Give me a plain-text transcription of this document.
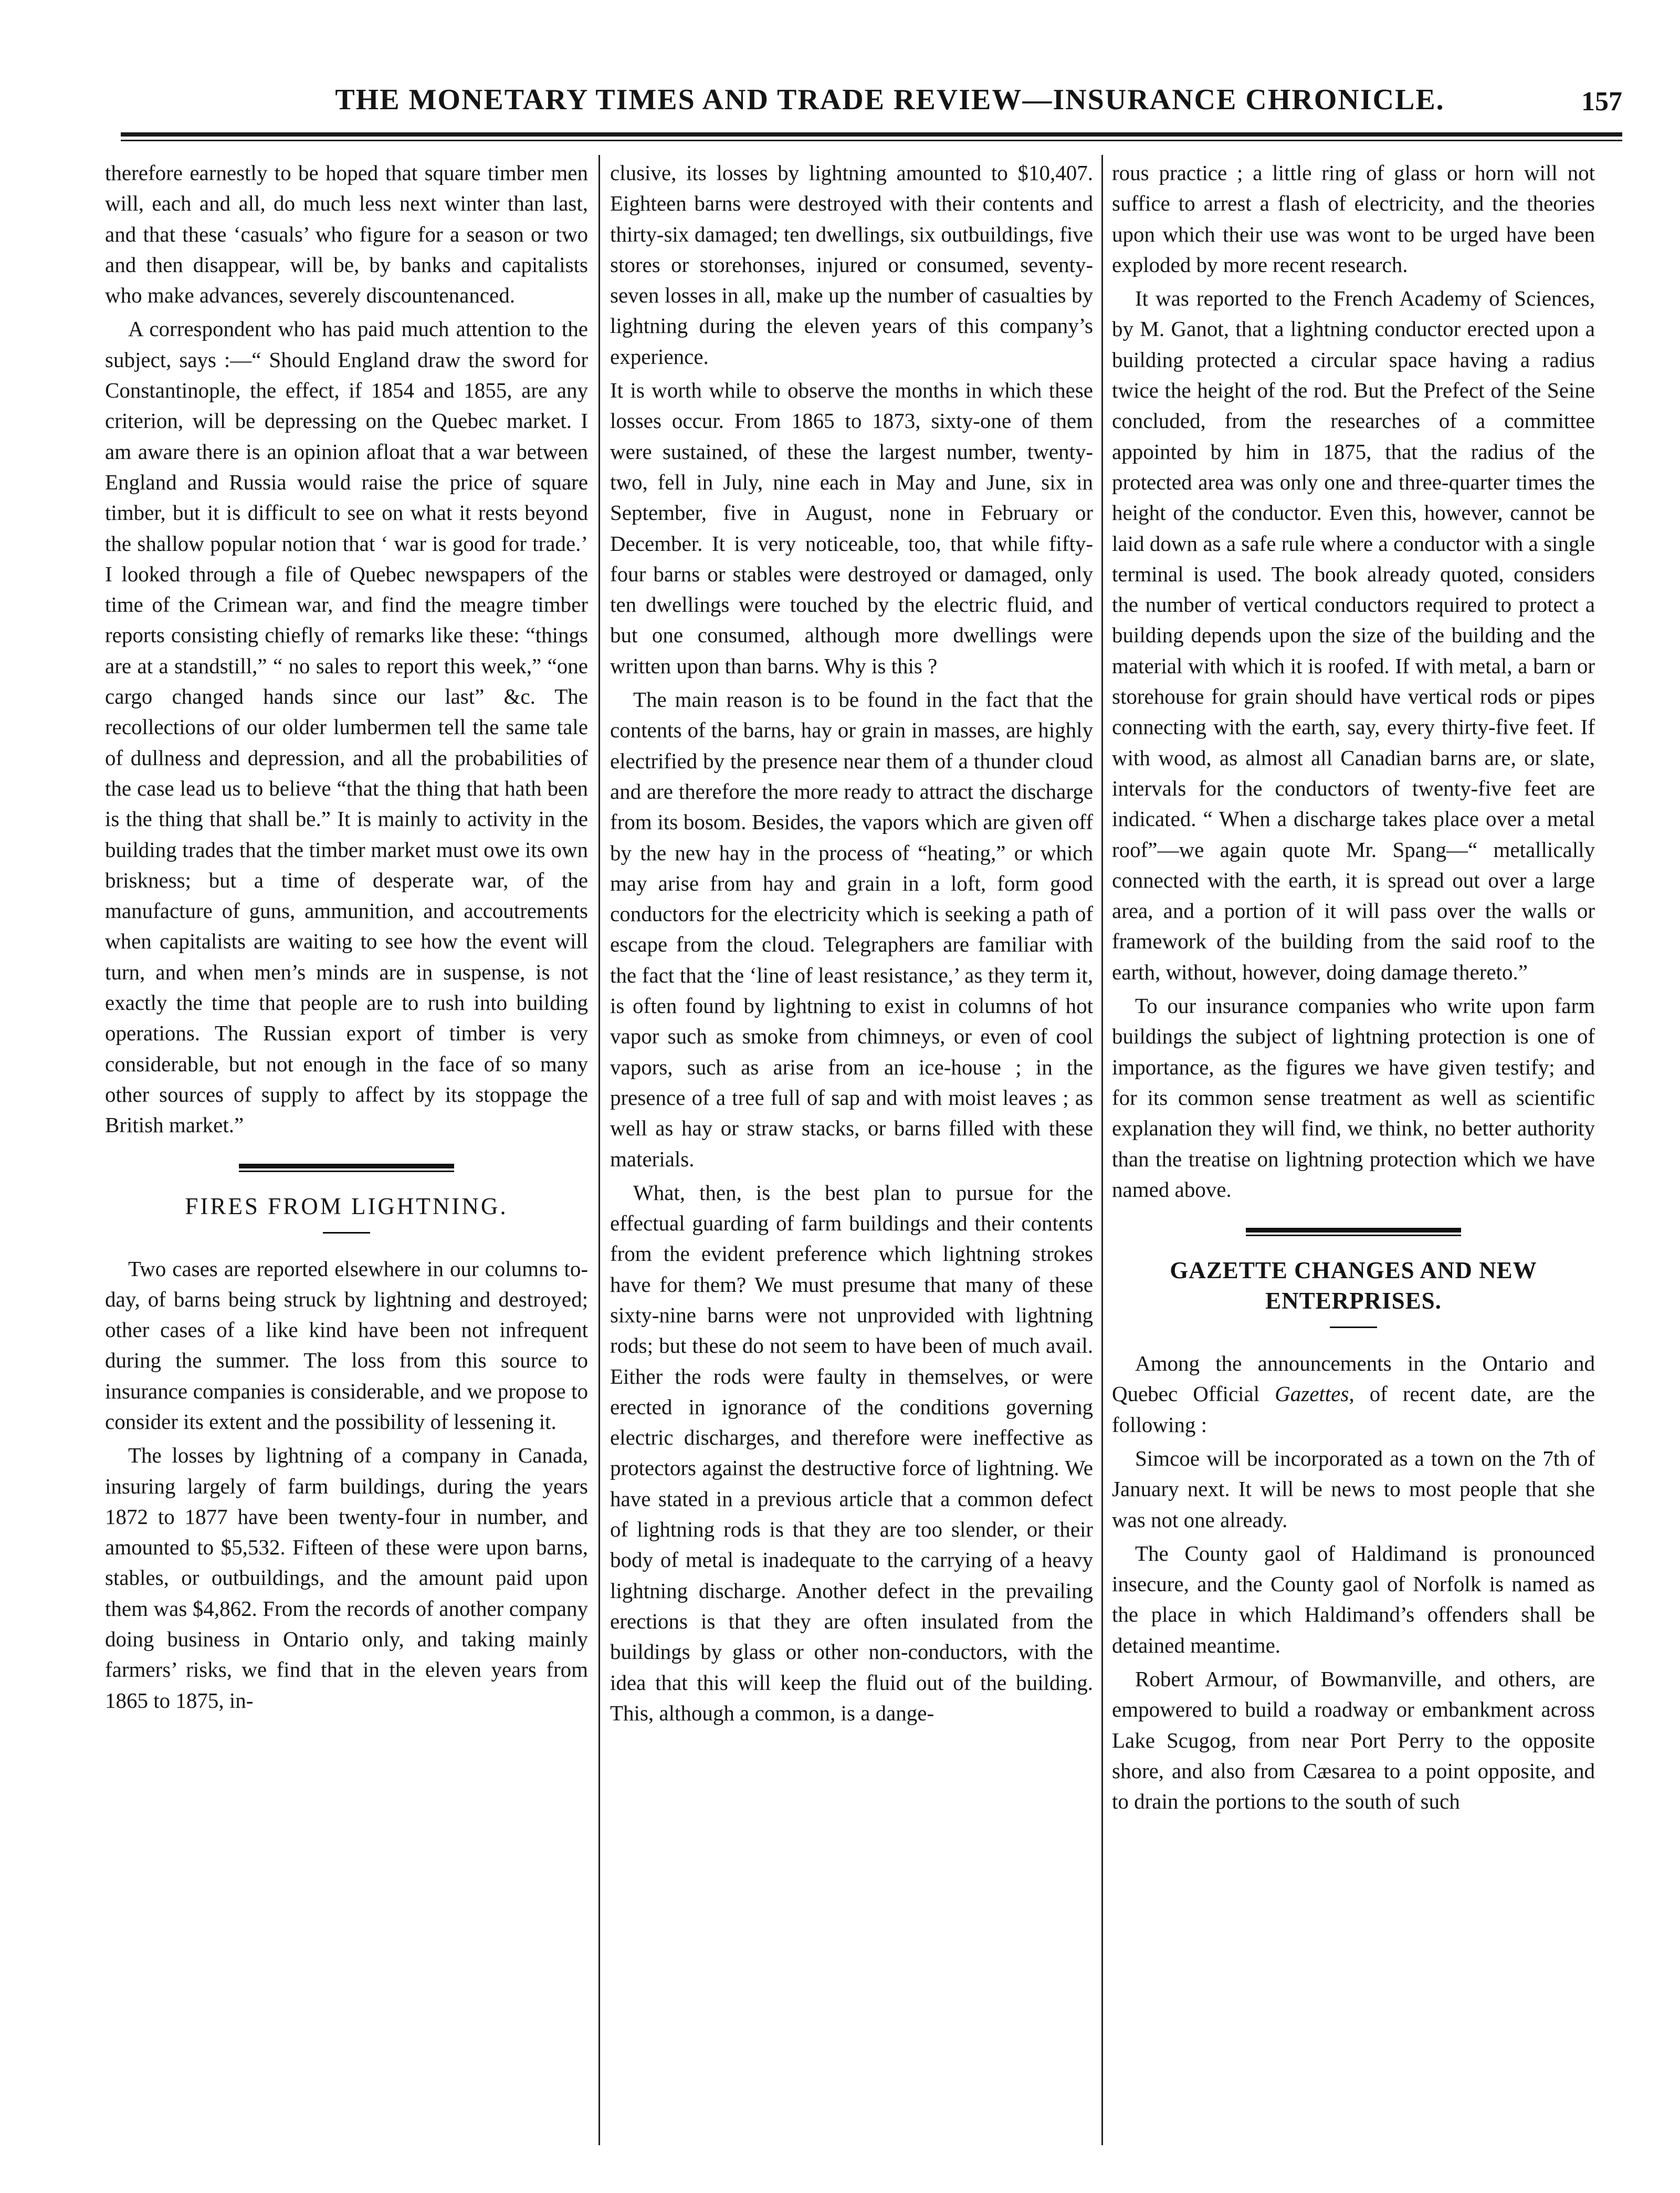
THE MONETARY TIMES AND TRADE REVIEW—INSURANCE CHRONICLE.	157

therefore earnestly to be hoped that square timber men will, each and all, do much less next winter than last, and that these ‘casuals’ who figure for a season or two and then disappear, will be, by banks and capitalists who make advances, severely discountenanced.

A correspondent who has paid much attention to the subject, says :—“ Should England draw the sword for Constantinople, the effect, if 1854 and 1855, are any criterion, will be depressing on the Quebec market. I am aware there is an opinion afloat that a war between England and Russia would raise the price of square timber, but it is difficult to see on what it rests beyond the shallow popular notion that ‘ war is good for trade.’ I looked through a file of Quebec newspapers of the time of the Crimean war, and find the meagre timber reports consisting chiefly of remarks like these: “things are at a standstill,” “ no sales to report this week,” “one cargo changed hands since our last” &c. The recollections of our older lumbermen tell the same tale of dullness and depression, and all the probabilities of the case lead us to believe “that the thing that hath been is the thing that shall be.” It is mainly to activity in the building trades that the timber market must owe its own briskness; but a time of desperate war, of the manufacture of guns, ammunition, and accoutrements when capitalists are waiting to see how the event will turn, and when men’s minds are in suspense, is not exactly the time that people are to rush into building operations. The Russian export of timber is very considerable, but not enough in the face of so many other sources of supply to affect by its stoppage the British market.”

FIRES FROM LIGHTNING.

Two cases are reported elsewhere in our columns to-day, of barns being struck by lightning and destroyed; other cases of a like kind have been not infrequent during the summer. The loss from this source to insurance companies is considerable, and we propose to consider its extent and the possibility of lessening it.

The losses by lightning of a company in Canada, insuring largely of farm buildings, during the years 1872 to 1877 have been twenty-four in number, and amounted to $5,532. Fifteen of these were upon barns, stables, or outbuildings, and the amount paid upon them was $4,862. From the records of another company doing business in Ontario only, and taking mainly farmers’ risks, we find that in the eleven years from 1865 to 1875, in-

clusive, its losses by lightning amounted to $10,407. Eighteen barns were destroyed with their contents and thirty-six damaged; ten dwellings, six outbuildings, five stores or storehonses, injured or consumed, seventy-seven losses in all, make up the number of casualties by lightning during the eleven years of this company’s experience.

It is worth while to observe the months in which these losses occur. From 1865 to 1873, sixty-one of them were sustained, of these the largest number, twenty-two, fell in July, nine each in May and June, six in September, five in August, none in February or December. It is very noticeable, too, that while fifty-four barns or stables were destroyed or damaged, only ten dwellings were touched by the electric fluid, and but one consumed, although more dwellings were written upon than barns. Why is this ?

The main reason is to be found in the fact that the contents of the barns, hay or grain in masses, are highly electrified by the presence near them of a thunder cloud and are therefore the more ready to attract the discharge from its bosom. Besides, the vapors which are given off by the new hay in the process of “heating,” or which may arise from hay and grain in a loft, form good conductors for the electricity which is seeking a path of escape from the cloud. Telegraphers are familiar with the fact that the ‘line of least resistance,’ as they term it, is often found by lightning to exist in columns of hot vapor such as smoke from chimneys, or even of cool vapors, such as arise from an ice-house ; in the presence of a tree full of sap and with moist leaves ; as well as hay or straw stacks, or barns filled with these materials.

What, then, is the best plan to pursue for the effectual guarding of farm buildings and their contents from the evident preference which lightning strokes have for them? We must presume that many of these sixty-nine barns were not unprovided with lightning rods; but these do not seem to have been of much avail. Either the rods were faulty in themselves, or were erected in ignorance of the conditions governing electric discharges, and therefore were ineffective as protectors against the destructive force of lightning. We have stated in a previous article that a common defect of lightning rods is that they are too slender, or their body of metal is inadequate to the carrying of a heavy lightning discharge. Another defect in the prevailing erections is that they are often insulated from the buildings by glass or other non-conductors, with the idea that this will keep the fluid out of the building. This, although a common, is a dange-

rous practice ; a little ring of glass or horn will not suffice to arrest a flash of electricity, and the theories upon which their use was wont to be urged have been exploded by more recent research.

It was reported to the French Academy of Sciences, by M. Ganot, that a lightning conductor erected upon a building protected a circular space having a radius twice the height of the rod. But the Prefect of the Seine concluded, from the researches of a committee appointed by him in 1875, that the radius of the protected area was only one and three-quarter times the height of the conductor. Even this, however, cannot be laid down as a safe rule where a conductor with a single terminal is used. The book already quoted, considers the number of vertical conductors required to protect a building depends upon the size of the building and the material with which it is roofed. If with metal, a barn or storehouse for grain should have vertical rods or pipes connecting with the earth, say, every thirty-five feet. If with wood, as almost all Canadian barns are, or slate, intervals for the conductors of twenty-five feet are indicated. “ When a discharge takes place over a metal roof”—we again quote Mr. Spang—“ metallically connected with the earth, it is spread out over a large area, and a portion of it will pass over the walls or framework of the building from the said roof to the earth, without, however, doing damage thereto.”

To our insurance companies who write upon farm buildings the subject of lightning protection is one of importance, as the figures we have given testify; and for its common sense treatment as well as scientific explanation they will find, we think, no better authority than the treatise on lightning protection which we have named above.

GAZETTE CHANGES AND NEW
ENTERPRISES.

Among the announcements in the Ontario and Quebec Official Gazettes, of recent date, are the following :

Simcoe will be incorporated as a town on the 7th of January next. It will be news to most people that she was not one already.

The County gaol of Haldimand is pronounced insecure, and the County gaol of Norfolk is named as the place in which Haldimand’s offenders shall be detained meantime.

Robert Armour, of Bowmanville, and others, are empowered to build a roadway or embankment across Lake Scugog, from near Port Perry to the opposite shore, and also from Cæsarea to a point opposite, and to drain the portions to the south of such
